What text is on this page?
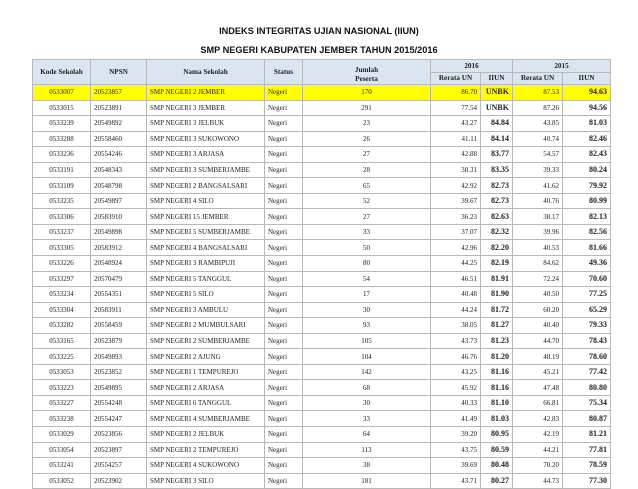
INDEKS INTEGRITAS UJIAN NASIONAL (IIUN)
SMP NEGERI KABUPATEN JEMBER TAHUN 2015/2016
Kode Sekolah	NPSN	Nama Sekolah	Status	Jumlah
Peserta	2016		2015	
					Rerata UN	IIUN	Rerata UN	IIUN
0533007	20523857	SMP NEGERI 2 JEMBER	Negeri	170	86.70	UNBK	87.53	94.63
0533015	20523891	SMP NEGERI 3 JEMBER	Negeri	291	77.54	UNBK	87.26	94.56
0533239	20549892	SMP NEGERI 3 JELBUK	Negeri	23	43.27	84.84	43.85	81.03
0533288	20558460	SMP NEGERI 3 SUKOWONO	Negeri	26	41.11	84.14	40.74	82.46
0533236	20554246	SMP NEGERI 3 ARJASA	Negeri	27	42.88	83.77	54.57	82.43
0533191	20548343	SMP NEGERI 3 SUMBERJAMBE	Negeri	28	38.31	83.35	39.33	80.24
0533109	20548798	SMP NEGERI 2 BANGSALSARI	Negeri	65	42.92	82.73	41.62	79.92
0533235	20549897	SMP NEGERI 4 SILO	Negeri	52	39.67	82.73	40.76	80.99
0533306	20583910	SMP NEGERI 15 JEMBER	Negeri	27	36.23	82.63	38.17	82.13
0533237	20549898	SMP NEGERI 5 SUMBERJAMBE	Negeri	33	37.07	82.32	39.96	82.56
0533305	20583912	SMP NEGERI 4 BANGSALSARI	Negeri	50	42.96	82.20	40.53	81.66
0533226	20548924	SMP NEGERI 3 RAMBIPUJI	Negeri	80	44.25	82.19	84.62	49.36
0533297	20570479	SMP NEGERI 5 TANGGUL	Negeri	54	46.51	81.91	72.24	70.60
0533234	20554351	SMP NEGERI 5 SILO	Negeri	17	40.48	81.90	40.50	77.25
0533304	20583911	SMP NEGERI 3 AMBULU	Negeri	30	44.24	81.72	60.20	65.29
0533282	20558459	SMP NEGERI 2 MUMBULSARI	Negeri	93	38.05	81.27	40.40	79.33
0533165	20523879	SMP NEGERI 2 SUMBERJAMBE	Negeri	105	43.73	81.23	44.70	78.43
0533225	20549893	SMP NEGERI 2 AJUNG	Negeri	104	46.76	81.20	48.19	78.60
0533053	20523852	SMP NEGERI 1 TEMPUREJO	Negeri	142	43.25	81.16	45.21	77.42
0533223	20549895	SMP NEGERI 2 ARJASA	Negeri	68	45.92	81.16	47.48	80.80
0533227	20554248	SMP NEGERI 6 TANGGUL	Negeri	30	40.33	81.10	66.81	75.34
0533238	20554247	SMP NEGERI 4 SUMBERJAMBE	Negeri	33	41.49	81.03	42.83	80.87
0533029	20523856	SMP NEGERI 2 JELBUK	Negeri	64	39.20	80.95	42.19	81.21
0533054	20523897	SMP NEGERI 2 TEMPUREJO	Negeri	113	43.75	80.59	44.21	77.81
0533241	20554257	SMP NEGERI 4 SUKOWONO	Negeri	38	39.69	80.48	70.20	78.59
0533052	20523902	SMP NEGERI 3 SILO	Negeri	181	43.71	80.27	44.73	77.30
